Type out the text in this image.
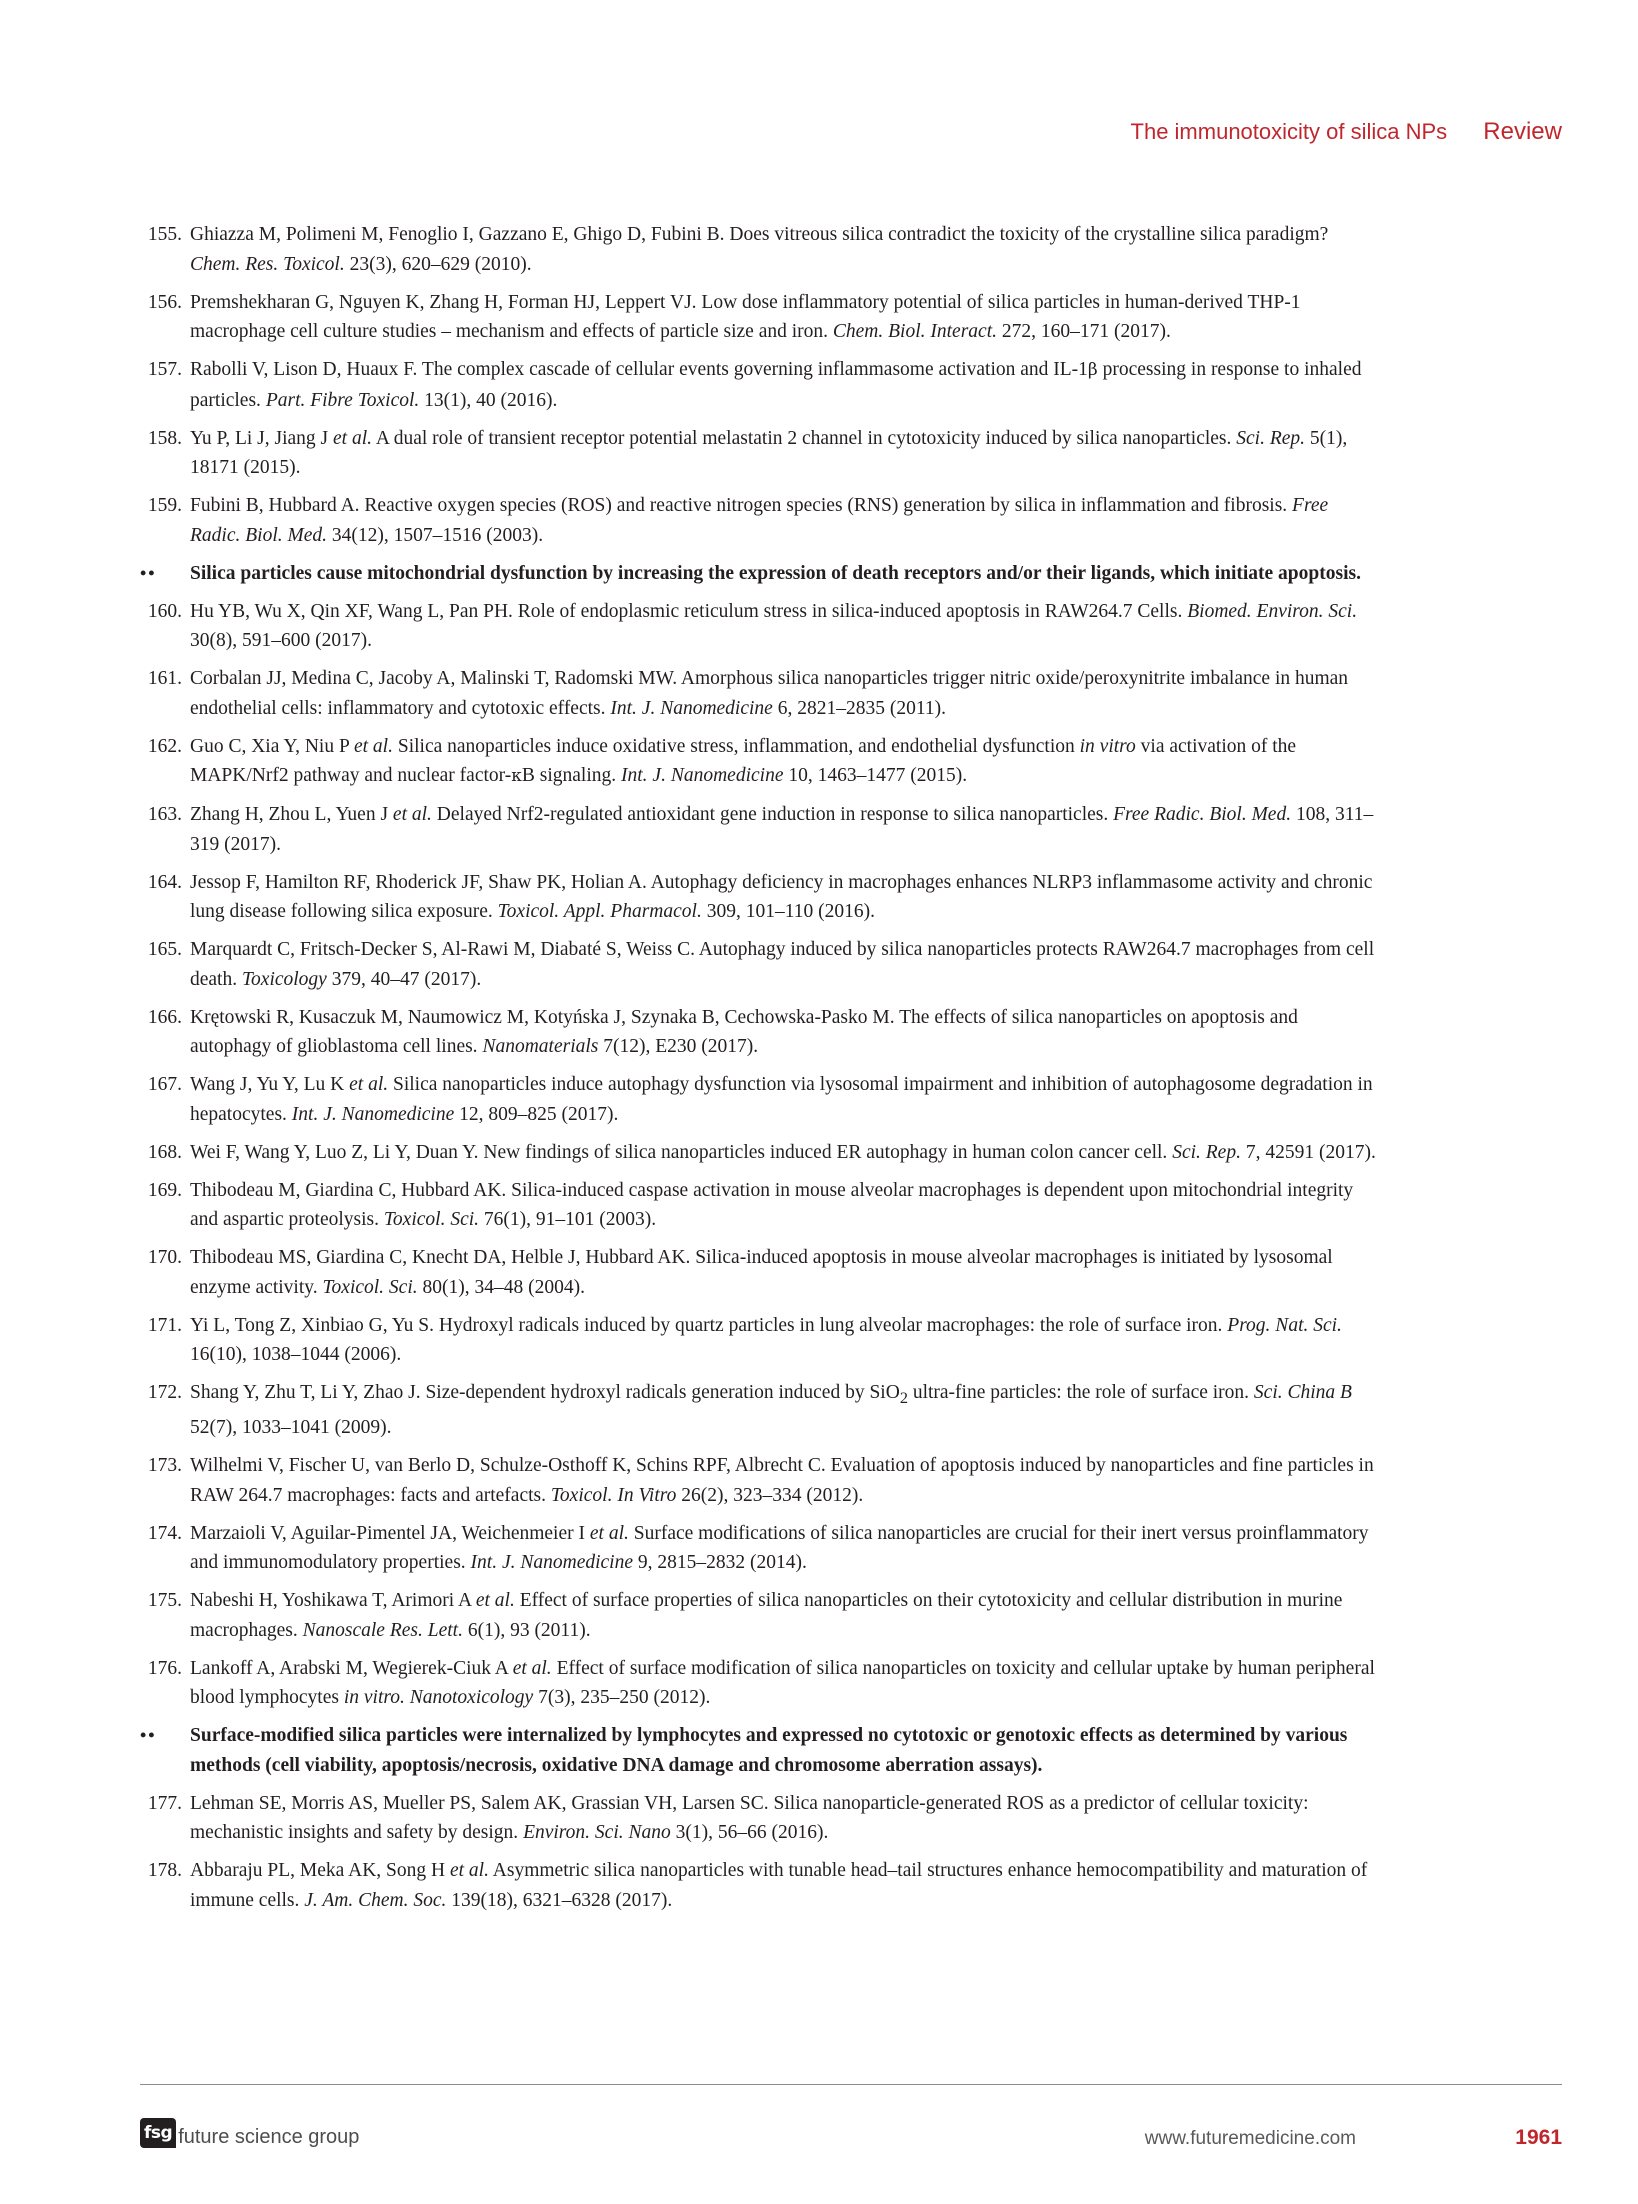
The immunotoxicity of silica NPs Review
155. Ghiazza M, Polimeni M, Fenoglio I, Gazzano E, Ghigo D, Fubini B. Does vitreous silica contradict the toxicity of the crystalline silica paradigm? Chem. Res. Toxicol. 23(3), 620–629 (2010).
156. Premshekharan G, Nguyen K, Zhang H, Forman HJ, Leppert VJ. Low dose inflammatory potential of silica particles in human-derived THP-1 macrophage cell culture studies – mechanism and effects of particle size and iron. Chem. Biol. Interact. 272, 160–171 (2017).
157. Rabolli V, Lison D, Huaux F. The complex cascade of cellular events governing inflammasome activation and IL-1β processing in response to inhaled particles. Part. Fibre Toxicol. 13(1), 40 (2016).
158. Yu P, Li J, Jiang J et al. A dual role of transient receptor potential melastatin 2 channel in cytotoxicity induced by silica nanoparticles. Sci. Rep. 5(1), 18171 (2015).
159. Fubini B, Hubbard A. Reactive oxygen species (ROS) and reactive nitrogen species (RNS) generation by silica in inflammation and fibrosis. Free Radic. Biol. Med. 34(12), 1507–1516 (2003).
••	Silica particles cause mitochondrial dysfunction by increasing the expression of death receptors and/or their ligands, which initiate apoptosis.
160. Hu YB, Wu X, Qin XF, Wang L, Pan PH. Role of endoplasmic reticulum stress in silica-induced apoptosis in RAW264.7 Cells. Biomed. Environ. Sci. 30(8), 591–600 (2017).
161. Corbalan JJ, Medina C, Jacoby A, Malinski T, Radomski MW. Amorphous silica nanoparticles trigger nitric oxide/peroxynitrite imbalance in human endothelial cells: inflammatory and cytotoxic effects. Int. J. Nanomedicine 6, 2821–2835 (2011).
162. Guo C, Xia Y, Niu P et al. Silica nanoparticles induce oxidative stress, inflammation, and endothelial dysfunction in vitro via activation of the MAPK/Nrf2 pathway and nuclear factor-κB signaling. Int. J. Nanomedicine 10, 1463–1477 (2015).
163. Zhang H, Zhou L, Yuen J et al. Delayed Nrf2-regulated antioxidant gene induction in response to silica nanoparticles. Free Radic. Biol. Med. 108, 311–319 (2017).
164. Jessop F, Hamilton RF, Rhoderick JF, Shaw PK, Holian A. Autophagy deficiency in macrophages enhances NLRP3 inflammasome activity and chronic lung disease following silica exposure. Toxicol. Appl. Pharmacol. 309, 101–110 (2016).
165. Marquardt C, Fritsch-Decker S, Al-Rawi M, Diabaté S, Weiss C. Autophagy induced by silica nanoparticles protects RAW264.7 macrophages from cell death. Toxicology 379, 40–47 (2017).
166. Krętowski R, Kusaczuk M, Naumowicz M, Kotyńska J, Szynaka B, Cechowska-Pasko M. The effects of silica nanoparticles on apoptosis and autophagy of glioblastoma cell lines. Nanomaterials 7(12), E230 (2017).
167. Wang J, Yu Y, Lu K et al. Silica nanoparticles induce autophagy dysfunction via lysosomal impairment and inhibition of autophagosome degradation in hepatocytes. Int. J. Nanomedicine 12, 809–825 (2017).
168. Wei F, Wang Y, Luo Z, Li Y, Duan Y. New findings of silica nanoparticles induced ER autophagy in human colon cancer cell. Sci. Rep. 7, 42591 (2017).
169. Thibodeau M, Giardina C, Hubbard AK. Silica-induced caspase activation in mouse alveolar macrophages is dependent upon mitochondrial integrity and aspartic proteolysis. Toxicol. Sci. 76(1), 91–101 (2003).
170. Thibodeau MS, Giardina C, Knecht DA, Helble J, Hubbard AK. Silica-induced apoptosis in mouse alveolar macrophages is initiated by lysosomal enzyme activity. Toxicol. Sci. 80(1), 34–48 (2004).
171. Yi L, Tong Z, Xinbiao G, Yu S. Hydroxyl radicals induced by quartz particles in lung alveolar macrophages: the role of surface iron. Prog. Nat. Sci. 16(10), 1038–1044 (2006).
172. Shang Y, Zhu T, Li Y, Zhao J. Size-dependent hydroxyl radicals generation induced by SiO$_2$ ultra-fine particles: the role of surface iron. Sci. China B 52(7), 1033–1041 (2009).
173. Wilhelmi V, Fischer U, van Berlo D, Schulze-Osthoff K, Schins RPF, Albrecht C. Evaluation of apoptosis induced by nanoparticles and fine particles in RAW 264.7 macrophages: facts and artefacts. Toxicol. In Vitro 26(2), 323–334 (2012).
174. Marzaioli V, Aguilar-Pimentel JA, Weichenmeier I et al. Surface modifications of silica nanoparticles are crucial for their inert versus proinflammatory and immunomodulatory properties. Int. J. Nanomedicine 9, 2815–2832 (2014).
175. Nabeshi H, Yoshikawa T, Arimori A et al. Effect of surface properties of silica nanoparticles on their cytotoxicity and cellular distribution in murine macrophages. Nanoscale Res. Lett. 6(1), 93 (2011).
176. Lankoff A, Arabski M, Wegierek-Ciuk A et al. Effect of surface modification of silica nanoparticles on toxicity and cellular uptake by human peripheral blood lymphocytes in vitro. Nanotoxicology 7(3), 235–250 (2012).
••	Surface-modified silica particles were internalized by lymphocytes and expressed no cytotoxic or genotoxic effects as determined by various methods (cell viability, apoptosis/necrosis, oxidative DNA damage and chromosome aberration assays).
177. Lehman SE, Morris AS, Mueller PS, Salem AK, Grassian VH, Larsen SC. Silica nanoparticle-generated ROS as a predictor of cellular toxicity: mechanistic insights and safety by design. Environ. Sci. Nano 3(1), 56–66 (2016).
178. Abbaraju PL, Meka AK, Song H et al. Asymmetric silica nanoparticles with tunable head–tail structures enhance hemocompatibility and maturation of immune cells. J. Am. Chem. Soc. 139(18), 6321–6328 (2017).
fsg future science group	www.futuremedicine.com	1961
